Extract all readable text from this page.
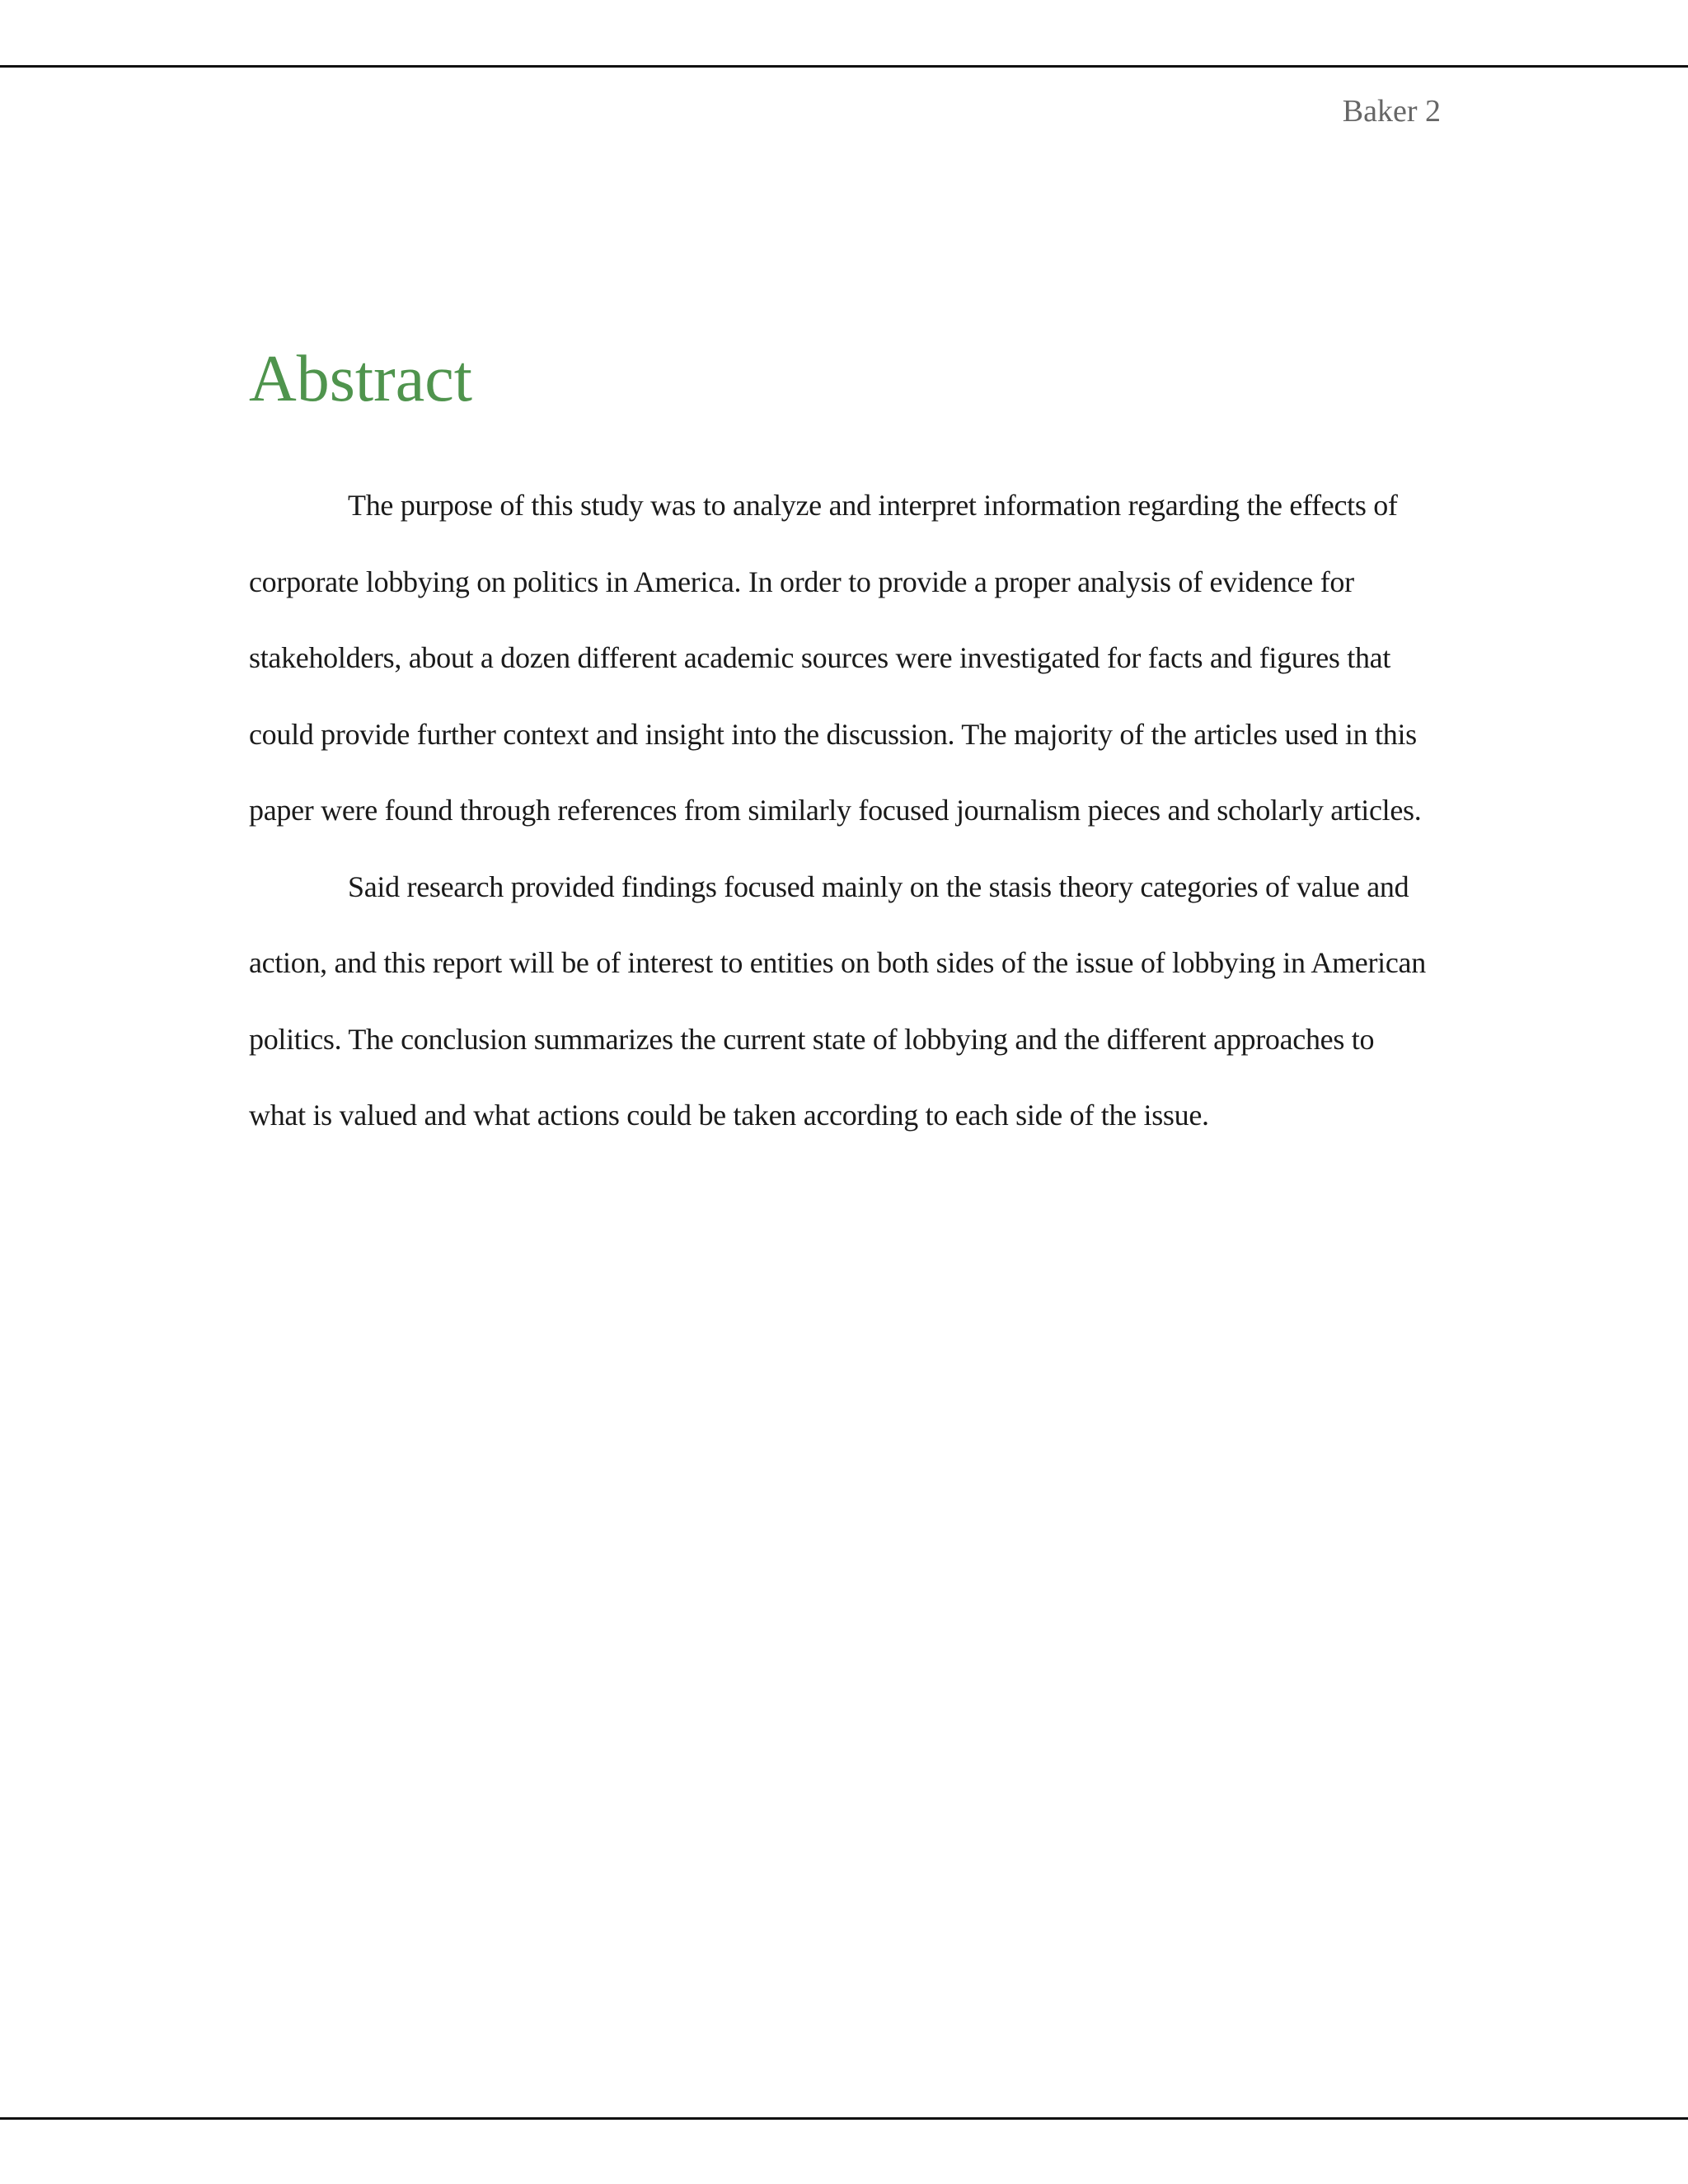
Baker 2
Abstract

The purpose of this study was to analyze and interpret information regarding the effects of corporate lobbying on politics in America. In order to provide a proper analysis of evidence for stakeholders, about a dozen different academic sources were investigated for facts and figures that could provide further context and insight into the discussion. The majority of the articles used in this paper were found through references from similarly focused journalism pieces and scholarly articles.

Said research provided findings focused mainly on the stasis theory categories of value and action, and this report will be of interest to entities on both sides of the issue of lobbying in American politics. The conclusion summarizes the current state of lobbying and the different approaches to what is valued and what actions could be taken according to each side of the issue.
